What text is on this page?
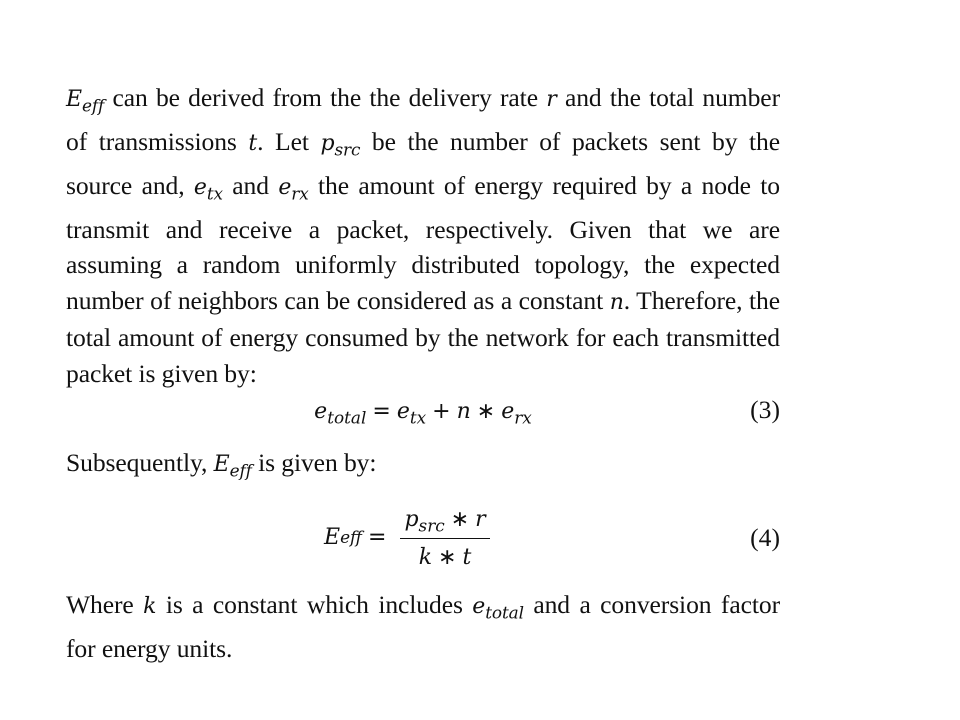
$E_{eff}$ can be derived from the the delivery rate r and the total number of transmissions t. Let $p_{src}$ be the number of packets sent by the source and, $e_{tx}$ and $e_{rx}$ the amount of energy required by a node to transmit and receive a packet, respectively. Given that we are assuming a random uniformly distributed topology, the expected number of neighbors can be considered as a constant n. Therefore, the total amount of energy consumed by the network for each transmitted packet is given by:

$e_{total} = e_{tx} + n$ ∗ $e_{rx}$	(3)

Subsequently, $E_{eff}$ is given by:

E eff = $\frac{p_{src} ∗ r}{k ∗ t}$	(4)

Where k is a constant which includes $e_{total}$ and a conversion factor for energy units.
